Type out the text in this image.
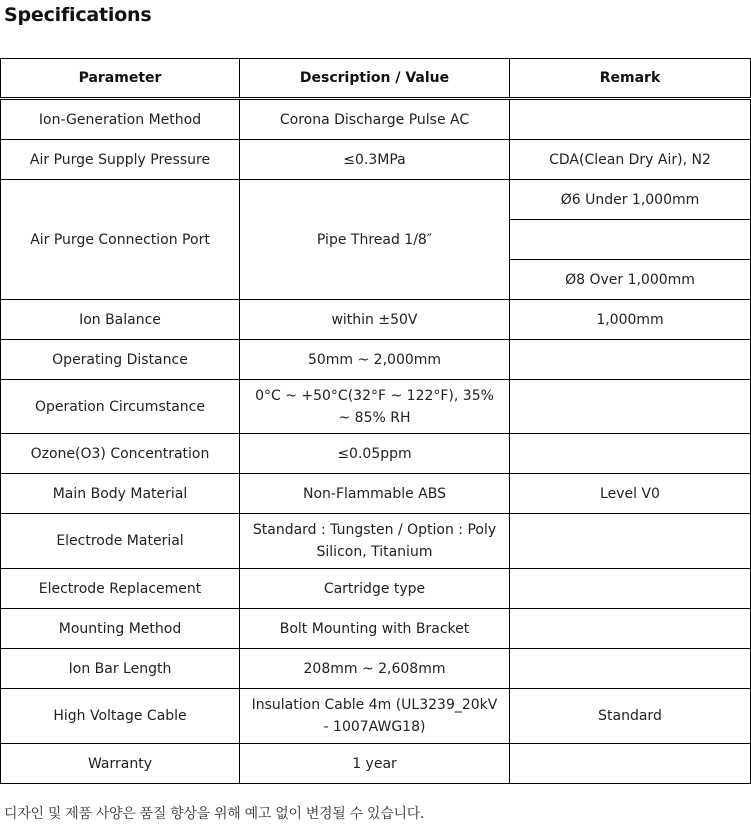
Specifications
Parameter	Description / Value	Remark
Ion-Generation Method	Corona Discharge Pulse AC	
Air Purge Supply Pressure	≤0.3MPa	CDA(Clean Dry Air), N2
Air Purge Connection Port	Pipe Thread 1/8″	Ø6 Under 1,000mm

		Ø8 Over 1,000mm
Ion Balance	within ±50V	1,000mm
Operating Distance	50mm ~ 2,000mm	
Operation Circumstance	0°C ~ +50°C(32°F ~ 122°F), 35% ~ 85% RH	
Ozone(O3) Concentration	≤0.05ppm	
Main Body Material	Non-Flammable ABS	Level V0
Electrode Material	Standard : Tungsten / Option : Poly Silicon, Titanium	
Electrode Replacement	Cartridge type	
Mounting Method	Bolt Mounting with Bracket	
Ion Bar Length	208mm ~ 2,608mm	
High Voltage Cable	Insulation Cable 4m (UL3239_20kV - 1007AWG18)	Standard
Warranty	1 year	
디자인 및 제품 사양은 품질 향상을 위해 예고 없이 변경될 수 있습니다.
